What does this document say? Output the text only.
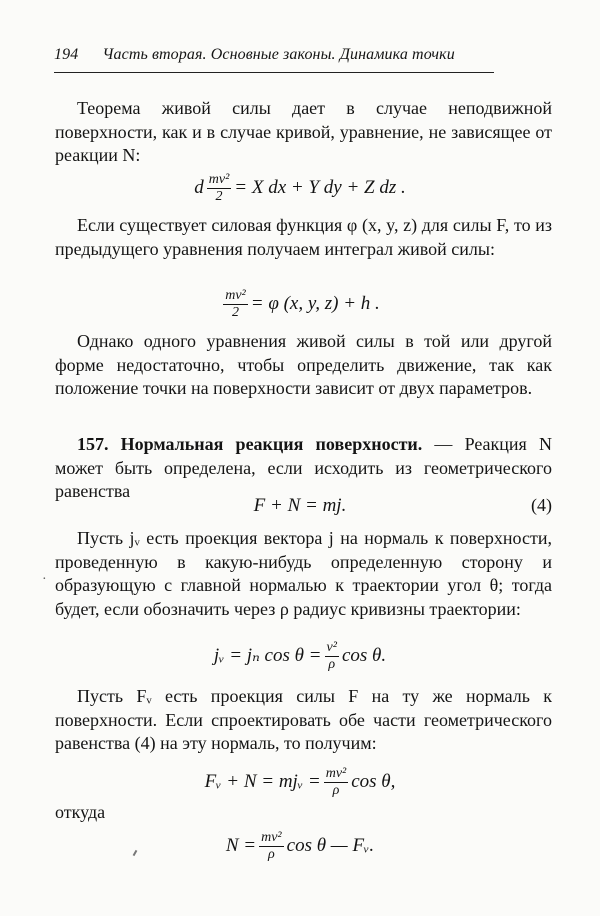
194 Часть вторая. Основные законы. Динамика точки
Теорема живой силы дает в случае неподвижной поверхности, как и в случае кривой, уравнение, не зависящее от реакции N:
d $\frac{\text{mv²}}{2} = X$ dx + Y dy + Z dz .
Если существует силовая функция φ (x, y, z) для силы F, то из предыдущего уравнения получаем интеграл живой силы:
$\frac{\text{mv²}}{2} = \varphi$ (x, y, z) + h .
Однако одного уравнения живой силы в той или другой форме недостаточно, чтобы определить движение, так как положение точки на поверхности зависит от двух параметров.
157. Нормальная реакция поверхности. — Реакция N может быть определена, если исходить из геометрического равенства
F + N = mj.	(4)
·
Пусть jᵥ есть проекция вектора j на нормаль к поверхности, проведенную в какую-нибудь определенную сторону и образующую с главной нормалью к траектории угол θ; тогда будет, если обозначить через ρ радиус кривизны траектории:
jᵥ = jₙ $\cos \theta = \frac{\text{v²}}{\rho}$ cos θ.
Пусть Fᵥ есть проекция силы F на ту же нормаль к поверхности. Если спроектировать обе части геометрического равенства (4) на эту нормаль, то получим:
Fᵥ + N = mjᵥ = $\frac{\text{mv²}}{\rho}$ cos θ,
откуда
$N = \frac{\text{mv²}}{\rho}$ cos θ — Fᵥ.
